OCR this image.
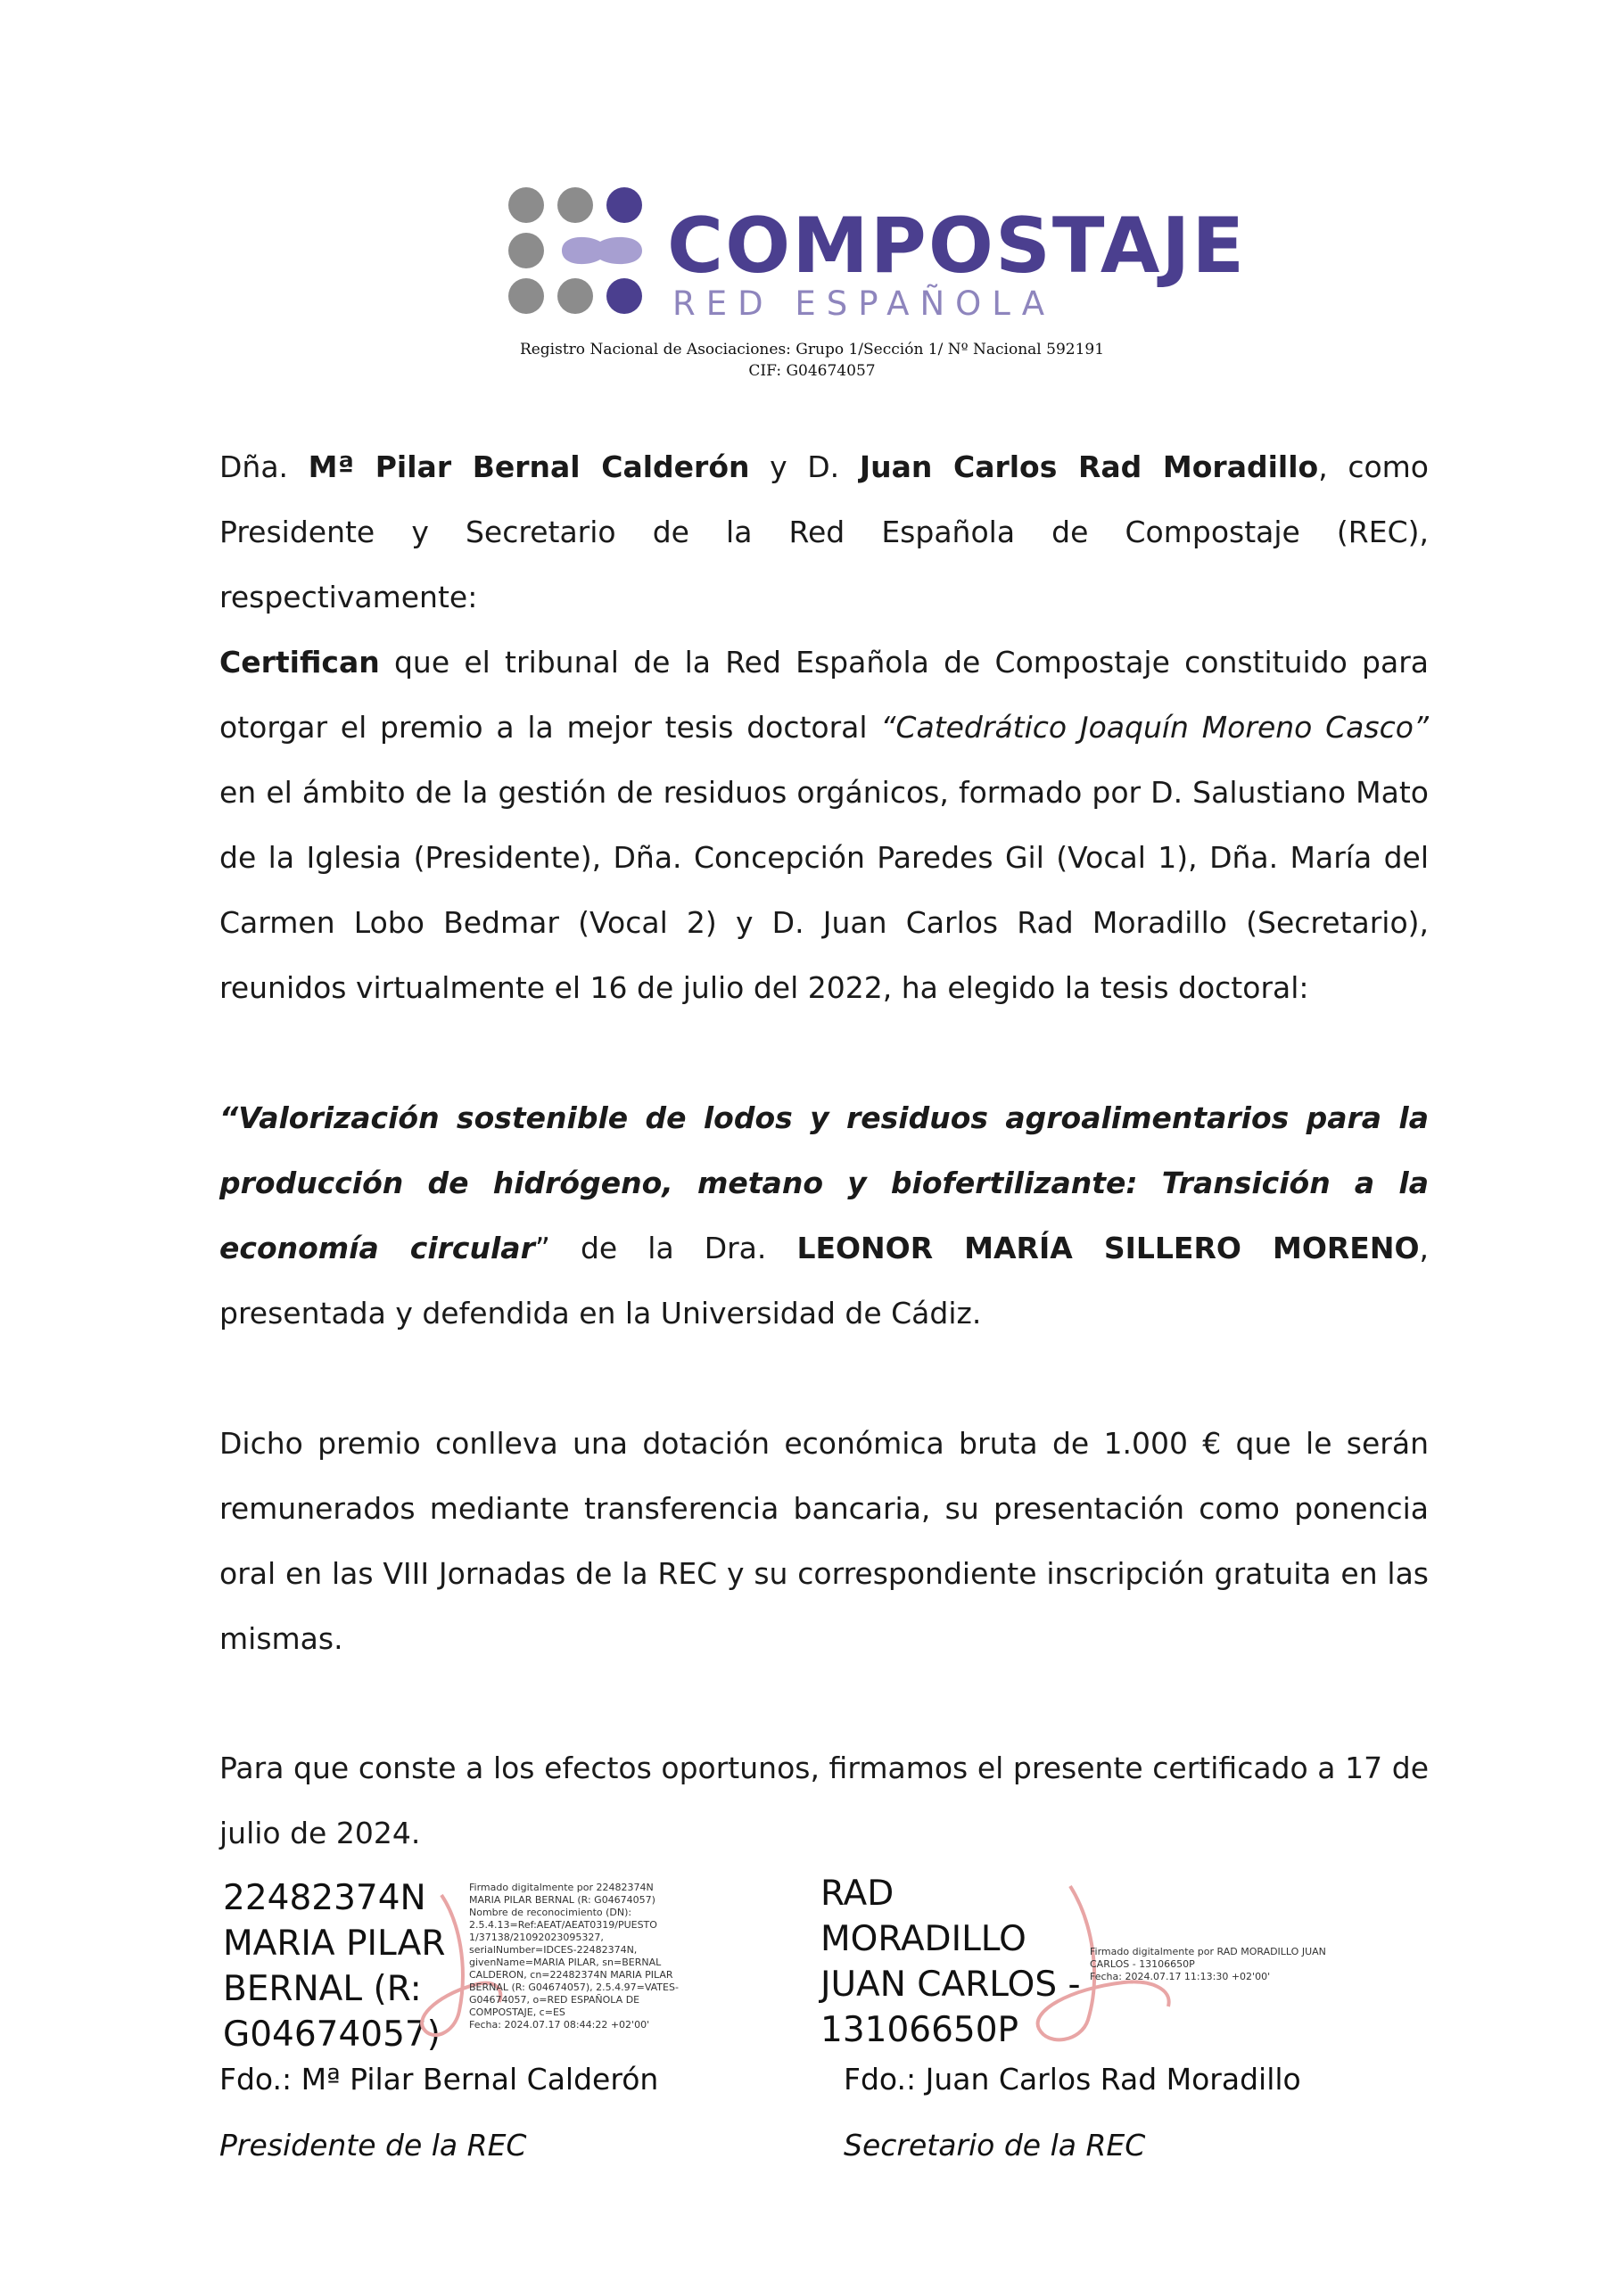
COMPOSTAJE
RED ESPAÑOLA
Registro Nacional de Asociaciones: Grupo 1/Sección 1/ Nº Nacional 592191
CIF: G04674057

Dña. Mª Pilar Bernal Calderón y D. Juan Carlos Rad Moradillo, como Presidente y Secretario de la Red Española de Compostaje (REC), respectivamente:

Certifican que el tribunal de la Red Española de Compostaje constituido para otorgar el premio a la mejor tesis doctoral “Catedrático Joaquín Moreno Casco” en el ámbito de la gestión de residuos orgánicos, formado por D. Salustiano Mato de la Iglesia (Presidente), Dña. Concepción Paredes Gil (Vocal 1), Dña. María del Carmen Lobo Bedmar (Vocal 2) y D. Juan Carlos Rad Moradillo (Secretario), reunidos virtualmente el 16 de julio del 2022, ha elegido la tesis doctoral:

“Valorización sostenible de lodos y residuos agroalimentarios para la producción de hidrógeno, metano y biofertilizante: Transición a la economía circular” de la Dra. LEONOR MARÍA SILLERO MORENO, presentada y defendida en la Universidad de Cádiz.

Dicho premio conlleva una dotación económica bruta de 1.000 € que le serán remunerados mediante transferencia bancaria, su presentación como ponencia oral en las VIII Jornadas de la REC y su correspondiente inscripción gratuita en las mismas.

Para que conste a los efectos oportunos, firmamos el presente certificado a 17 de julio de 2024.

22482374N
MARIA PILAR
BERNAL (R:
G04674057)
Firmado digitalmente por 22482374N MARIA PILAR BERNAL (R: G04674057)
Nombre de reconocimiento (DN): 2.5.4.13=Ref:AEAT/AEAT0319/PUESTO 1/37138/21092023095327, serialNumber=IDCES-22482374N, givenName=MARIA PILAR, sn=BERNAL CALDERON, cn=22482374N MARIA PILAR BERNAL (R: G04674057), 2.5.4.97=VATES-G04674057, o=RED ESPAÑOLA DE COMPOSTAJE, c=ES
Fecha: 2024.07.17 08:44:22 +02'00'
RAD
MORADILLO
JUAN CARLOS -
13106650P
Firmado digitalmente por RAD MORADILLO JUAN CARLOS - 13106650P
Fecha: 2024.07.17 11:13:30 +02'00'
Fdo.: Mª Pilar Bernal Calderón
Presidente de la REC
Fdo.: Juan Carlos Rad Moradillo
Secretario de la REC
